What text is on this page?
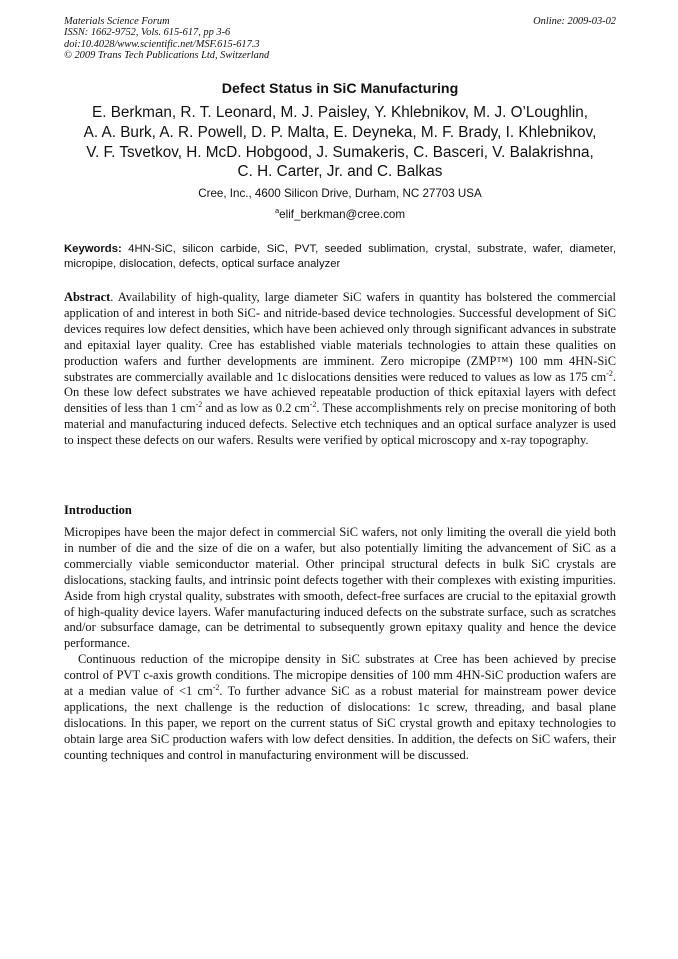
Materials Science Forum
ISSN: 1662-9752, Vols. 615-617, pp 3-6
doi:10.4028/www.scientific.net/MSF.615-617.3
© 2009 Trans Tech Publications Ltd, Switzerland
Online: 2009-03-02
Defect Status in SiC Manufacturing
E. Berkman, R. T. Leonard, M. J. Paisley, Y. Khlebnikov, M. J. O’Loughlin,
A. A. Burk, A. R. Powell, D. P. Malta, E. Deyneka, M. F. Brady, I. Khlebnikov,
V. F. Tsvetkov, H. McD. Hobgood, J. Sumakeris, C. Basceri, V. Balakrishna,
C. H. Carter, Jr. and C. Balkas
Cree, Inc., 4600 Silicon Drive, Durham, NC 27703 USA
$^a$elif_berkman@cree.com
Keywords: 4HN-SiC, silicon carbide, SiC, PVT, seeded sublimation, crystal, substrate, wafer, diameter, micropipe, dislocation, defects, optical surface analyzer
Abstract. Availability of high-quality, large diameter SiC wafers in quantity has bolstered the commercial application of and interest in both SiC- and nitride-based device technologies. Successful development of SiC devices requires low defect densities, which have been achieved only through significant advances in substrate and epitaxial layer quality. Cree has established viable materials technologies to attain these qualities on production wafers and further developments are imminent. Zero micropipe (ZMP™) 100 mm 4HN-SiC substrates are commercially available and 1c dislocations densities were reduced to values as low as 175 $cm^{-2}$. On these low defect substrates we have achieved repeatable production of thick epitaxial layers with defect densities of less than 1 $cm^{-2}$ and as low as 0.2 $cm^{-2}$. These accomplishments rely on precise monitoring of both material and manufacturing induced defects. Selective etch techniques and an optical surface analyzer is used to inspect these defects on our wafers. Results were verified by optical microscopy and x-ray topography.
Introduction

Micropipes have been the major defect in commercial SiC wafers, not only limiting the overall die yield both in number of die and the size of die on a wafer, but also potentially limiting the advancement of SiC as a commercially viable semiconductor material. Other principal structural defects in bulk SiC crystals are dislocations, stacking faults, and intrinsic point defects together with their complexes with existing impurities. Aside from high crystal quality, substrates with smooth, defect-free surfaces are crucial to the epitaxial growth of high-quality device layers. Wafer manufacturing induced defects on the substrate surface, such as scratches and/or subsurface damage, can be detrimental to subsequently grown epitaxy quality and hence the device performance.

Continuous reduction of the micropipe density in SiC substrates at Cree has been achieved by precise control of PVT c-axis growth conditions. The micropipe densities of 100 mm 4HN-SiC production wafers are at a median value of <1 $cm^{-2}$. To further advance SiC as a robust material for mainstream power device applications, the next challenge is the reduction of dislocations: 1c screw, threading, and basal plane dislocations. In this paper, we report on the current status of SiC crystal growth and epitaxy technologies to obtain large area SiC production wafers with low defect densities. In addition, the defects on SiC wafers, their counting techniques and control in manufacturing environment will be discussed.
